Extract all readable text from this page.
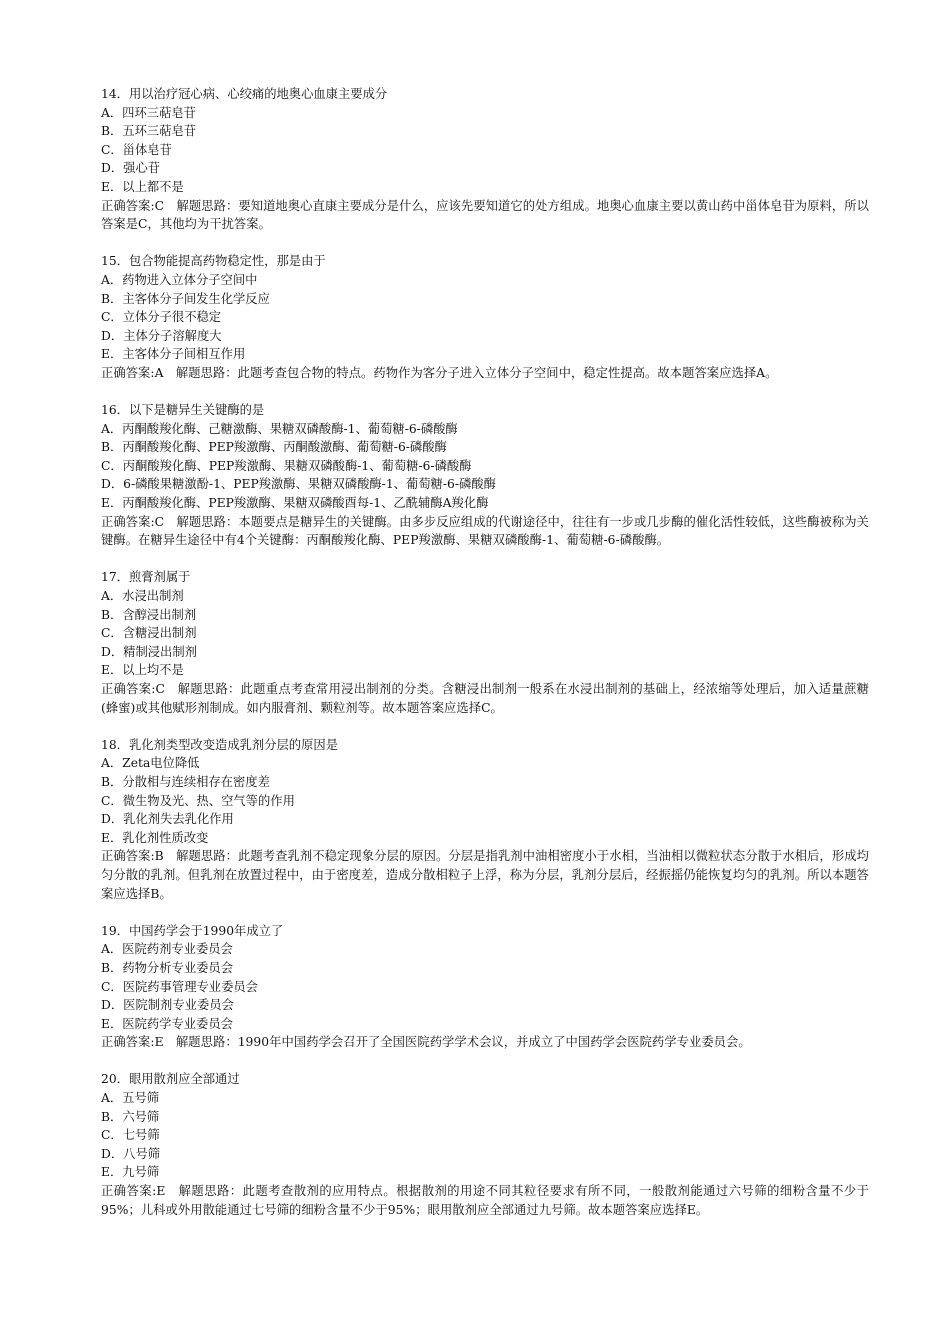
14．用以治疗冠心病、心绞痛的地奥心血康主要成分

A．四环三萜皂苷

B．五环三萜皂苷

C．甾体皂苷

D．强心苷

E．以上都不是

正确答案:C　解题思路：要知道地奥心直康主要成分是什么，应该先要知道它的处方组成。地奥心血康主要以黄山药中甾体皂苷为原料，所以答案是C，其他均为干扰答案。

15．包合物能提高药物稳定性，那是由于

A．药物进入立体分子空间中

B．主客体分子间发生化学反应

C．立体分子很不稳定

D．主体分子溶解度大

E．主客体分子间相互作用

正确答案:A　解题思路：此题考查包合物的特点。药物作为客分子进入立体分子空间中，稳定性提高。故本题答案应选择A。

16．以下是糖异生关键酶的是

A．丙酮酸羧化酶、己糖激酶、果糖双磷酸酶-1、葡萄糖-6-磷酸酶

B．丙酮酸羧化酶、PEP羧激酶、丙酮酸激酶、葡萄糖-6-磷酸酶

C．丙酮酸羧化酶、PEP羧激酶、果糖双磷酸酶-1、葡萄糖-6-磷酸酶

D．6-磷酸果糖激酚-1、PEP羧激酶、果糖双磷酸酶-1、葡萄糖-6-磷酸酶

E．丙酮酸羧化酶、PEP羧激酶、果糖双磷酸酉每-1、乙酰辅酶A羧化酶

正确答案:C　解题思路：本题要点是糖异生的关键酶。由多步反应组成的代谢途径中，往往有一步或几步酶的催化活性较低，这些酶被称为关键酶。在糖异生途径中有4个关键酶：丙酮酸羧化酶、PEP羧激酶、果糖双磷酸酶-1、葡萄糖-6-磷酸酶。

17．煎膏剂属于

A．水浸出制剂

B．含醇浸出制剂

C．含糖浸出制剂

D．精制浸出制剂

E．以上均不是

正确答案:C　解题思路：此题重点考查常用浸出制剂的分类。含糖浸出制剂一般系在水浸出制剂的基础上，经浓缩等处理后，加入适量蔗糖(蜂蜜)或其他赋形剂制成。如内服膏剂、颗粒剂等。故本题答案应选择C。

18．乳化剂类型改变造成乳剂分层的原因是

A．Zeta电位降低

B．分散相与连续相存在密度差

C．微生物及光、热、空气等的作用

D．乳化剂失去乳化作用

E．乳化剂性质改变

正确答案:B　解题思路：此题考查乳剂不稳定现象分层的原因。分层是指乳剂中油相密度小于水相，当油相以微粒状态分散于水相后，形成均匀分散的乳剂。但乳剂在放置过程中，由于密度差，造成分散相粒子上浮，称为分层，乳剂分层后，经振摇仍能恢复均匀的乳剂。所以本题答案应选择B。

19．中国药学会于1990年成立了

A．医院药剂专业委员会

B．药物分析专业委员会

C．医院药事管理专业委员会

D．医院制剂专业委员会

E．医院药学专业委员会

正确答案:E　解题思路：1990年中国药学会召开了全国医院药学学术会议，并成立了中国药学会医院药学专业委员会。

20．眼用散剂应全部通过

A．五号筛

B．六号筛

C．七号筛

D．八号筛

E．九号筛

正确答案:E　解题思路：此题考查散剂的应用特点。根据散剂的用途不同其粒径要求有所不同，一般散剂能通过六号筛的细粉含量不少于95%；儿科或外用散能通过七号筛的细粉含量不少于95%；眼用散剂应全部通过九号筛。故本题答案应选择E。
